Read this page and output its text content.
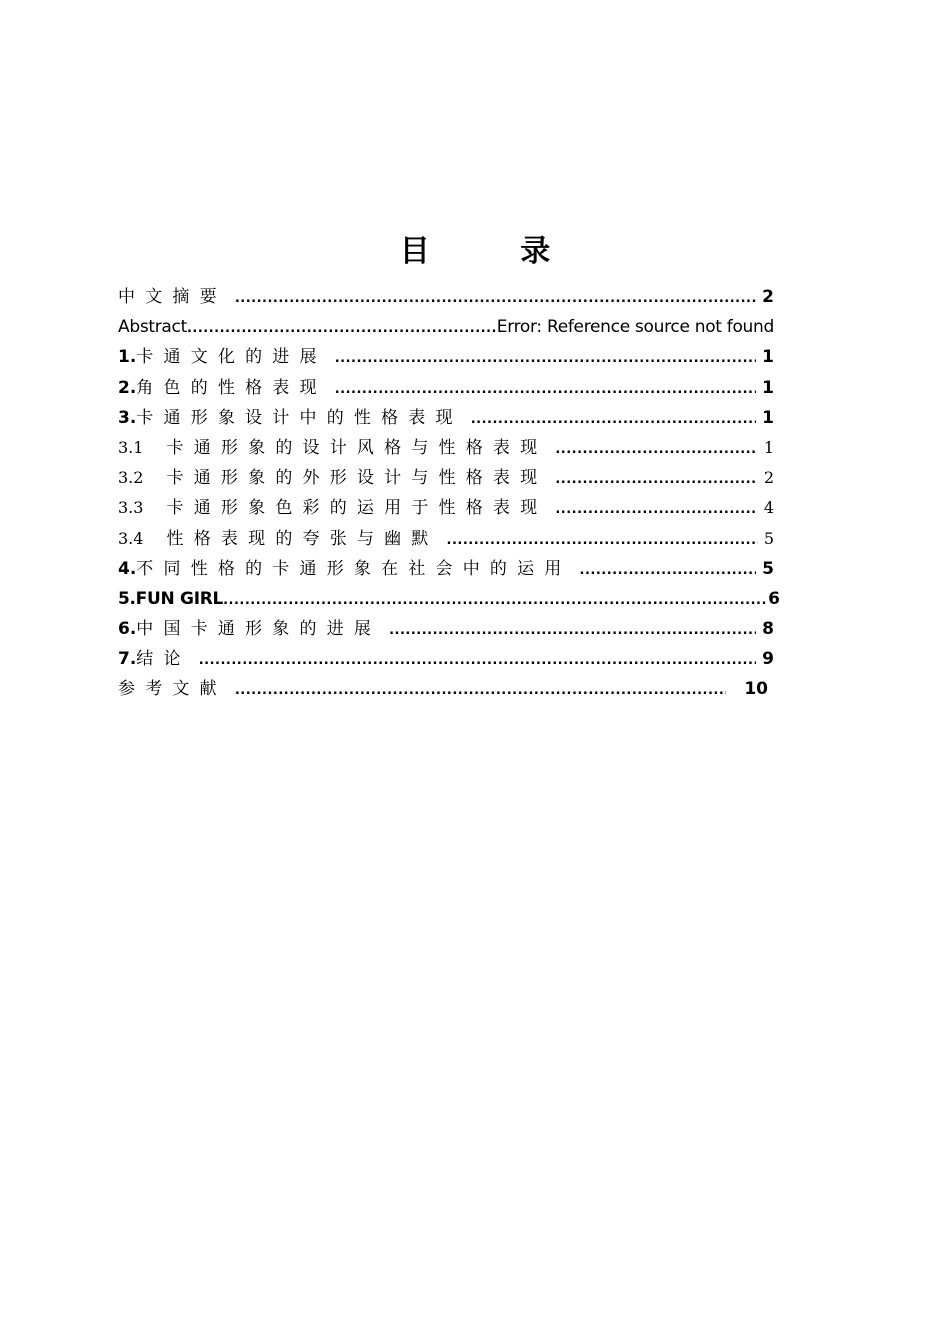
目 录
中文摘要 .....	2
Abstract .....	Error: Reference source not found
1.卡通文化的进展 .....	1
2.角色的性格表现 .....	1
3.卡通形象设计中的性格表现 .....	1
3.1 卡通形象的设计风格与性格表现 .....	1
3.2 卡通形象的外形设计与性格表现 .....	2
3.3 卡通形象色彩的运用于性格表现 .....	4
3.4 性格表现的夸张与幽默 .....	5
4.不同性格的卡通形象在社会中的运用 .....	5
5.FUN GIRL .....	6
6.中国卡通形象的进展 .....	8
7.结论 .....	9
参考文献 .....	10
